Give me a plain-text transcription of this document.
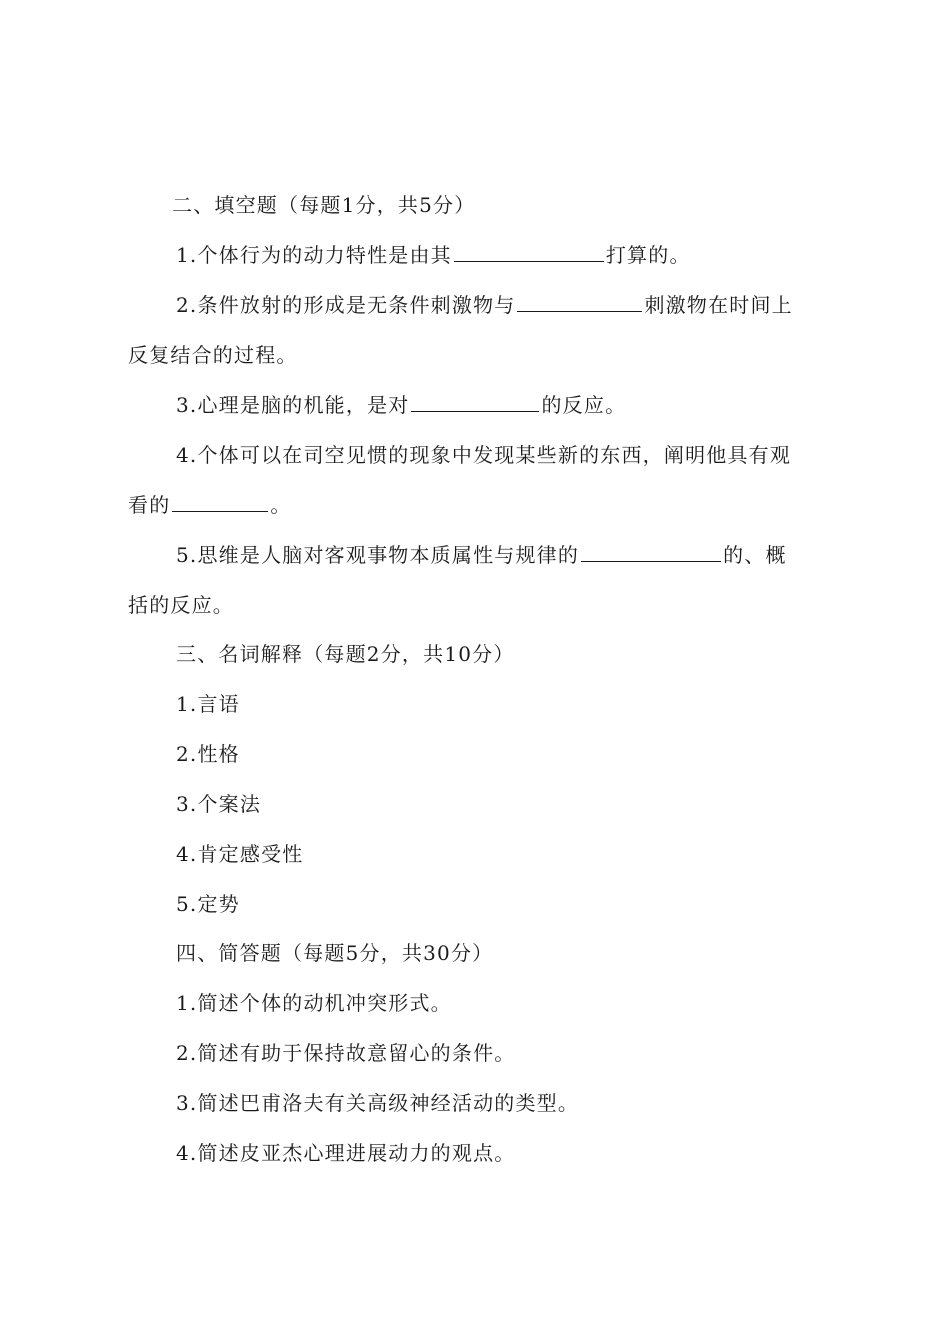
二、填空题（每题1分，共5分）
1.个体行为的动力特性是由其	打算的。
2.条件放射的形成是无条件刺激物与	刺激物在时间上
反复结合的过程。
3.心理是脑的机能，是对	的反应。
4.个体可以在司空见惯的现象中发现某些新的东西，阐明他具有观
看的	。
5.思维是人脑对客观事物本质属性与规律的	的、概
括的反应。
三、名词解释（每题2分，共10分）
1.言语
2.性格
3.个案法
4.肯定感受性
5.定势
四、简答题（每题5分，共30分）
1.简述个体的动机冲突形式。
2.简述有助于保持故意留心的条件。
3.简述巴甫洛夫有关高级神经活动的类型。
4.简述皮亚杰心理进展动力的观点。
